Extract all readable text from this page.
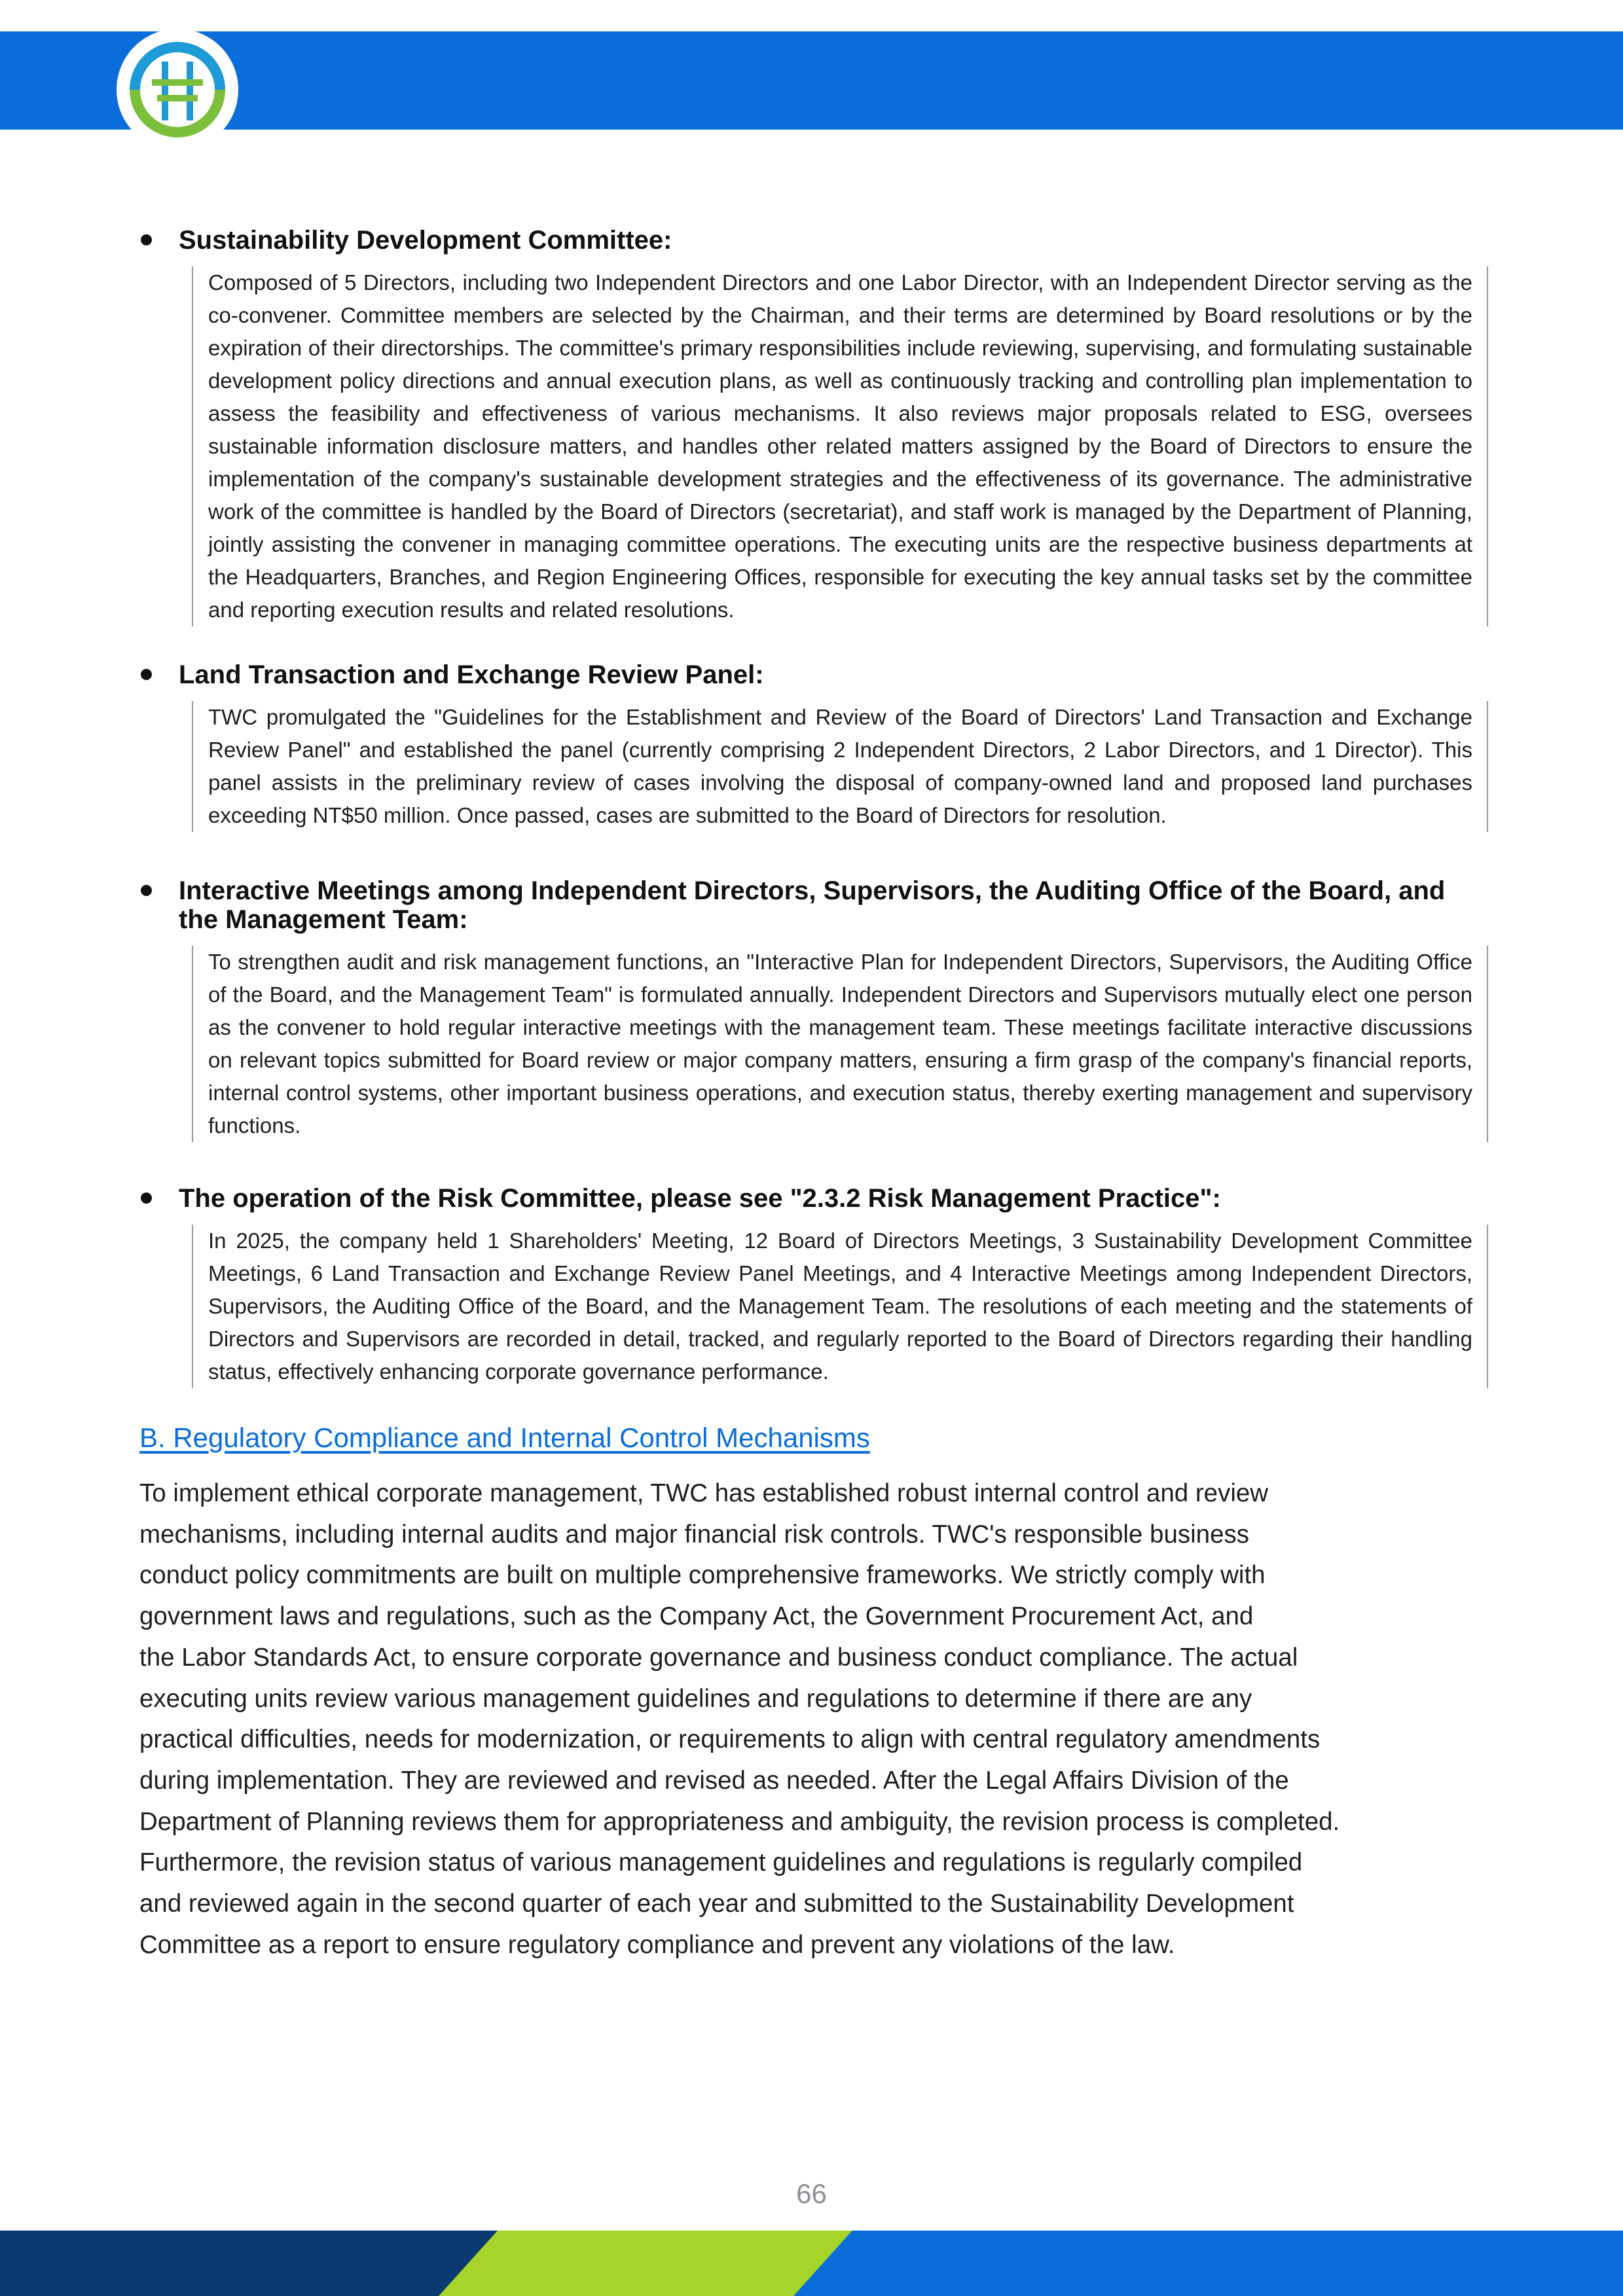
Sustainability Development Committee:
Composed of 5 Directors, including two Independent Directors and one Labor Director, with an Independent Director serving as the co-convener. Committee members are selected by the Chairman, and their terms are determined by Board resolutions or by the expiration of their directorships. The committee's primary responsibilities include reviewing, supervising, and formulating sustainable development policy directions and annual execution plans, as well as continuously tracking and controlling plan implementation to assess the feasibility and effectiveness of various mechanisms. It also reviews major proposals related to ESG, oversees sustainable information disclosure matters, and handles other related matters assigned by the Board of Directors to ensure the implementation of the company's sustainable development strategies and the effectiveness of its governance. The administrative work of the committee is handled by the Board of Directors (secretariat), and staff work is managed by the Department of Planning, jointly assisting the convener in managing committee operations. The executing units are the respective business departments at the Headquarters, Branches, and Region Engineering Offices, responsible for executing the key annual tasks set by the committee and reporting execution results and related resolutions.
Land Transaction and Exchange Review Panel:
TWC promulgated the "Guidelines for the Establishment and Review of the Board of Directors' Land Transaction and Exchange Review Panel" and established the panel (currently comprising 2 Independent Directors, 2 Labor Directors, and 1 Director). This panel assists in the preliminary review of cases involving the disposal of company-owned land and proposed land purchases exceeding NT$50 million. Once passed, cases are submitted to the Board of Directors for resolution.
Interactive Meetings among Independent Directors, Supervisors, the Auditing Office of the Board, and the Management Team:
To strengthen audit and risk management functions, an "Interactive Plan for Independent Directors, Supervisors, the Auditing Office of the Board, and the Management Team" is formulated annually. Independent Directors and Supervisors mutually elect one person as the convener to hold regular interactive meetings with the management team. These meetings facilitate interactive discussions on relevant topics submitted for Board review or major company matters, ensuring a firm grasp of the company's financial reports, internal control systems, other important business operations, and execution status, thereby exerting management and supervisory functions.
The operation of the Risk Committee, please see "2.3.2 Risk Management Practice":
In 2025, the company held 1 Shareholders' Meeting, 12 Board of Directors Meetings, 3 Sustainability Development Committee Meetings, 6 Land Transaction and Exchange Review Panel Meetings, and 4 Interactive Meetings among Independent Directors, Supervisors, the Auditing Office of the Board, and the Management Team. The resolutions of each meeting and the statements of Directors and Supervisors are recorded in detail, tracked, and regularly reported to the Board of Directors regarding their handling status, effectively enhancing corporate governance performance.
B. Regulatory Compliance and Internal Control Mechanisms
To implement ethical corporate management, TWC has established robust internal control and review
mechanisms, including internal audits and major financial risk controls. TWC's responsible business
conduct policy commitments are built on multiple comprehensive frameworks. We strictly comply with
government laws and regulations, such as the Company Act, the Government Procurement Act, and
the Labor Standards Act, to ensure corporate governance and business conduct compliance. The actual
executing units review various management guidelines and regulations to determine if there are any
practical difficulties, needs for modernization, or requirements to align with central regulatory amendments
during implementation. They are reviewed and revised as needed. After the Legal Affairs Division of the
Department of Planning reviews them for appropriateness and ambiguity, the revision process is completed.
Furthermore, the revision status of various management guidelines and regulations is regularly compiled
and reviewed again in the second quarter of each year and submitted to the Sustainability Development
Committee as a report to ensure regulatory compliance and prevent any violations of the law.
66
